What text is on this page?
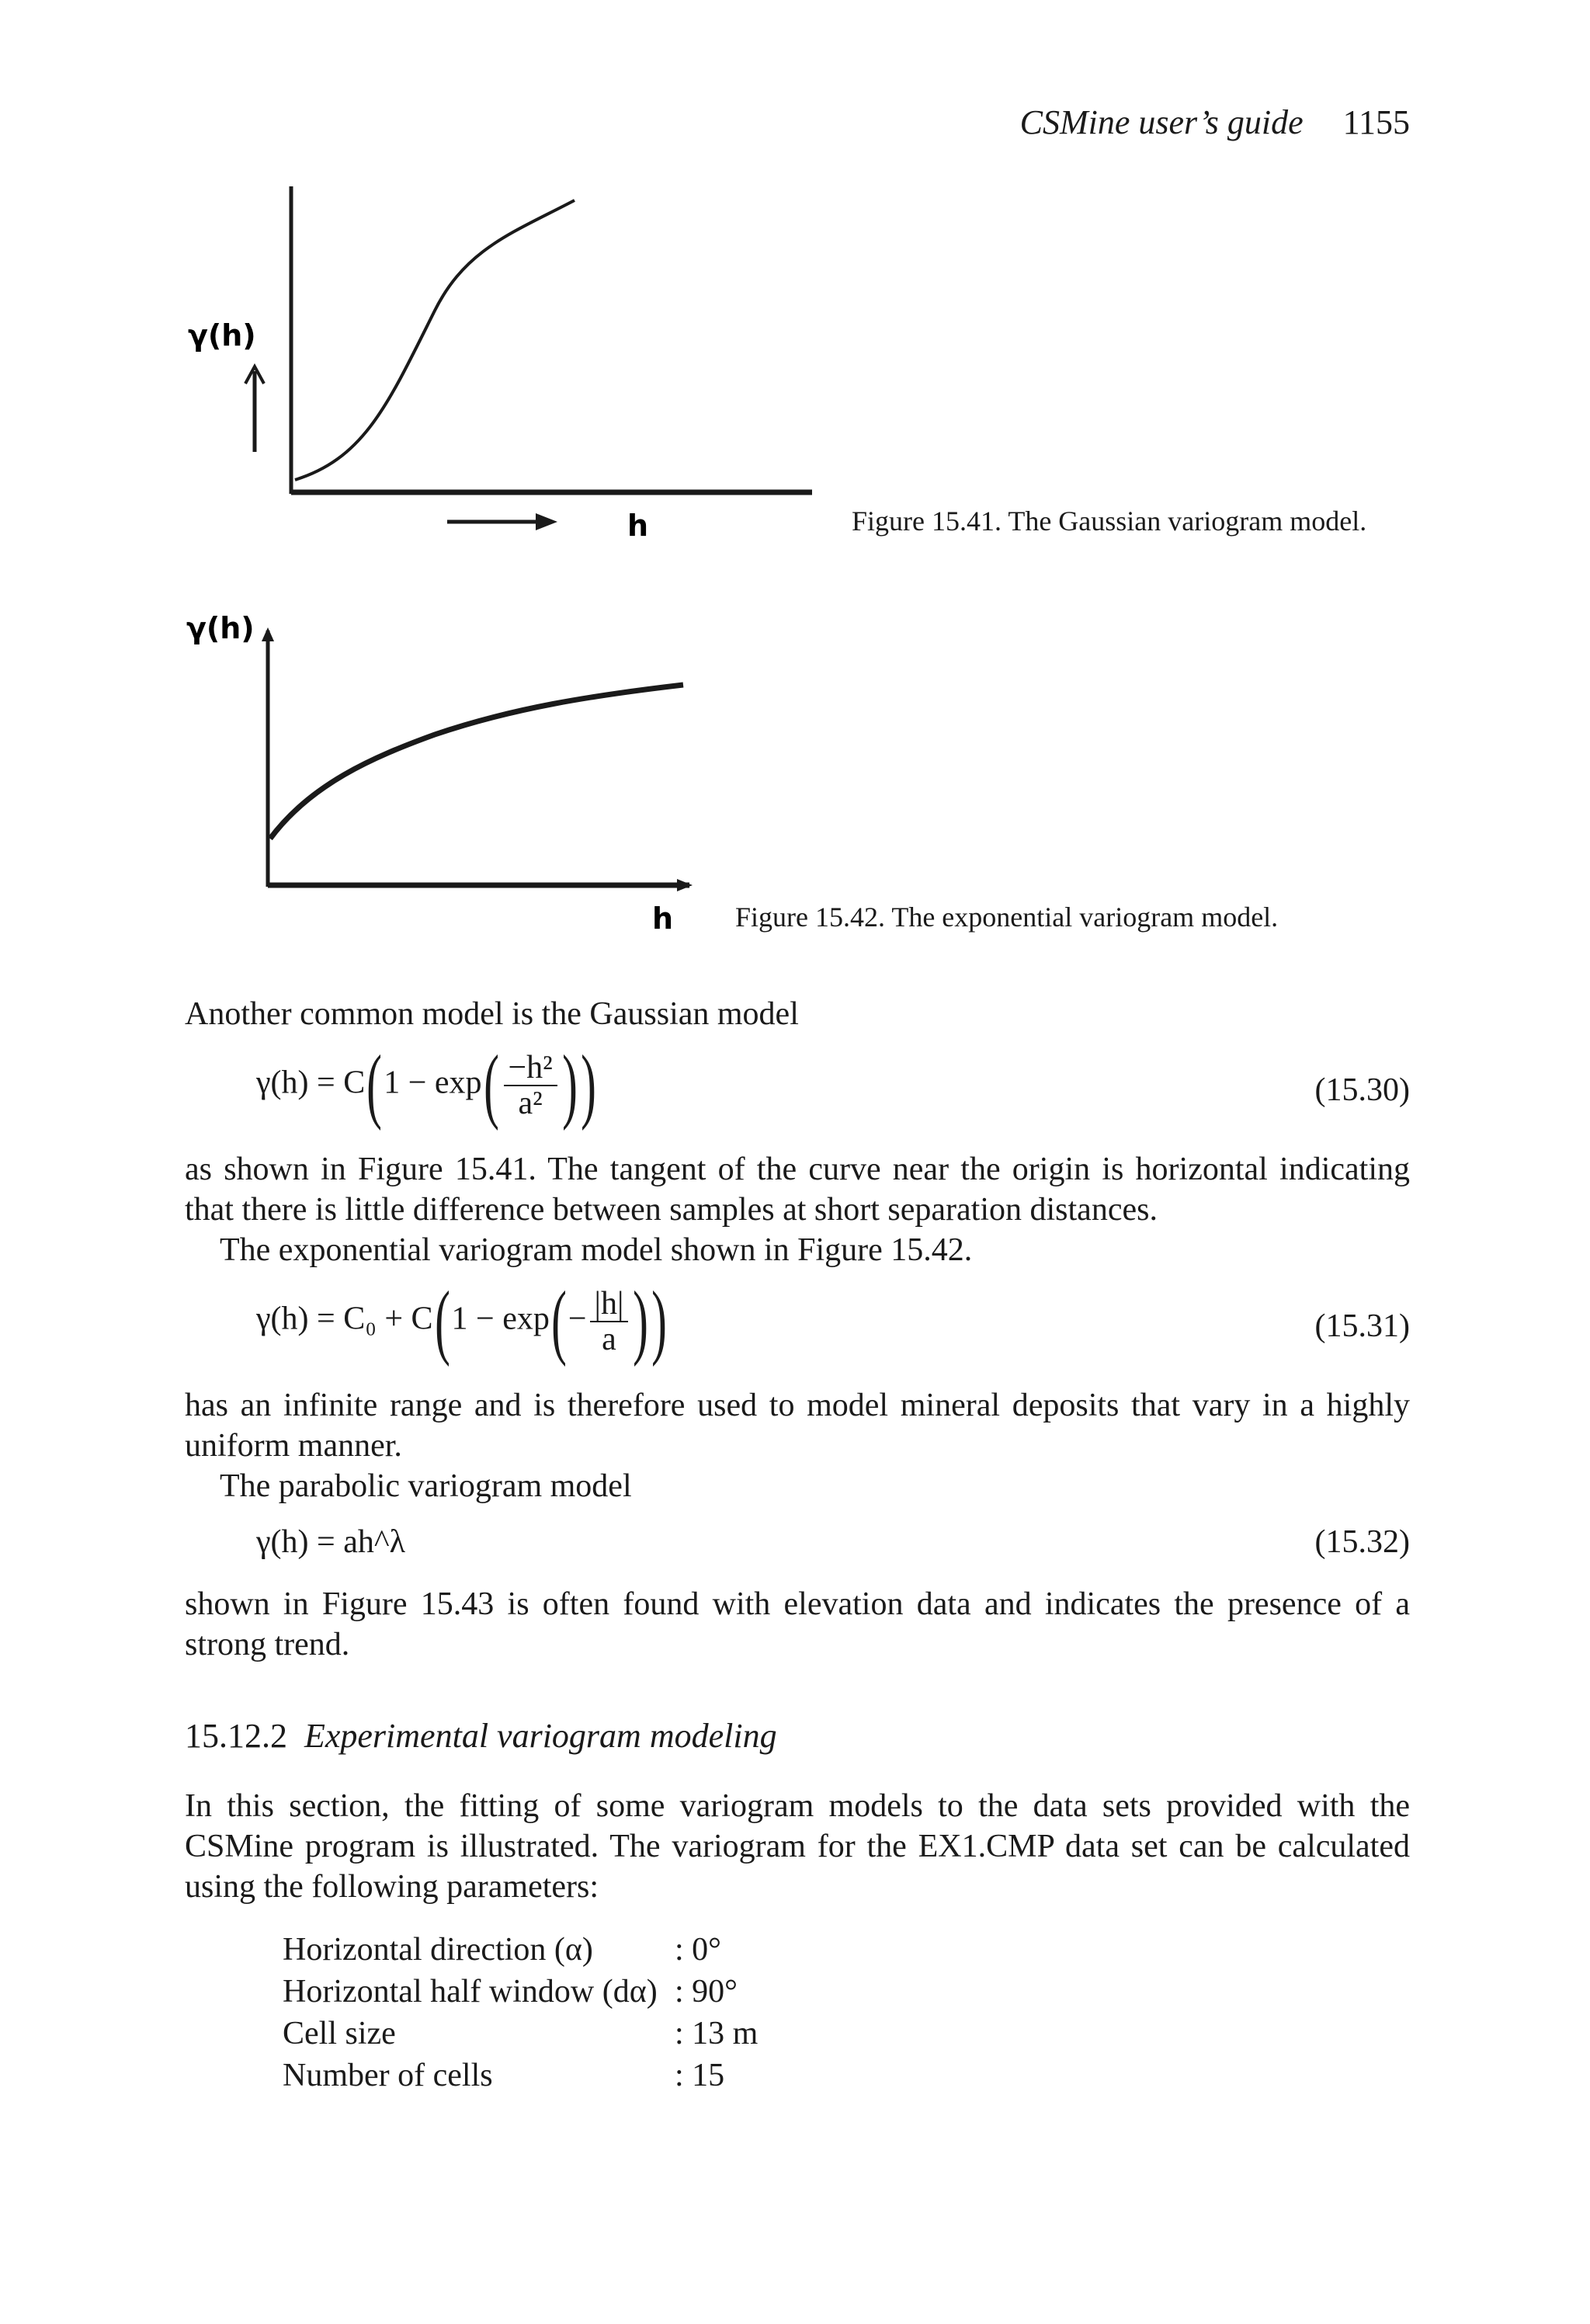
CSMine user’s guide 1155
γ(h)
h
γ(h)
h
Figure 15.41. The Gaussian variogram model.
Figure 15.42. The exponential variogram model.

Another common model is the Gaussian model

$\gamma(h) = C(1 - \exp( \frac{\text{−h²}}{\text{a²}}$ ))	(15.30)

as shown in Figure 15.41. The tangent of the curve near the origin is horizontal indicating that there is little difference between samples at short separation distances.

The exponential variogram model shown in Figure 15.42.

$\gamma(h) = C_0 + C(1 - \exp(- \frac{|h|}{a}$ ))	(15.31)

has an infinite range and is therefore used to model mineral deposits that vary in a highly uniform manner.

The parabolic variogram model

γ(h) = ah^λ	(15.32)

shown in Figure 15.43 is often found with elevation data and indicates the presence of a strong trend.

15.12.2 Experimental variogram modeling

In this section, the fitting of some variogram models to the data sets provided with the CSMine program is illustrated. The variogram for the EX1.CMP data set can be calculated using the following parameters:

Horizontal direction (α)	: 0°
Horizontal half window (dα) : 90°
Cell size	: 13 m
Number of cells	: 15
